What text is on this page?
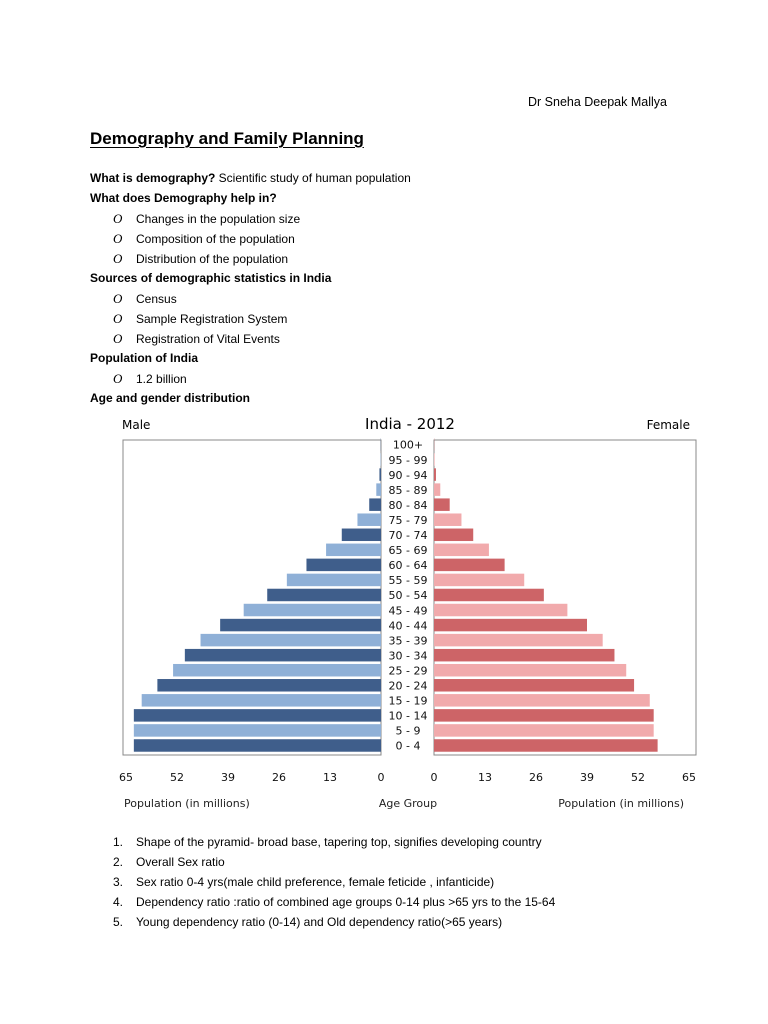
Dr Sneha Deepak Mallya
Demography and Family Planning
What is demography? Scientific study of human population
What does Demography help in?
O Changes in the population size
O Composition of the population
O Distribution of the population
Sources of demographic statistics in India
O Census
O Sample Registration System
O Registration of Vital Events
Population of India
O 1.2 billion
Age and gender distribution
Male	India - 2012	Female
0 - 4
5 - 9
10 - 14
15 - 19
20 - 24
25 - 29
30 - 34
35 - 39
40 - 44
45 - 49
50 - 54
55 - 59
60 - 64
65 - 69
70 - 74
75 - 79
80 - 84
85 - 89
90 - 94
95 - 99
100+
65	52	39	26	13	0	0	13	26	39	52	65
Population (in millions)	Age Group	Population (in millions)
1. Shape of the pyramid- broad base, tapering top, signifies developing country
2. Overall Sex ratio
3. Sex ratio 0-4 yrs(male child preference, female feticide , infanticide)
4. Dependency ratio :ratio of combined age groups 0-14 plus >65 yrs to the 15-64
5. Young dependency ratio (0-14) and Old dependency ratio(>65 years)
